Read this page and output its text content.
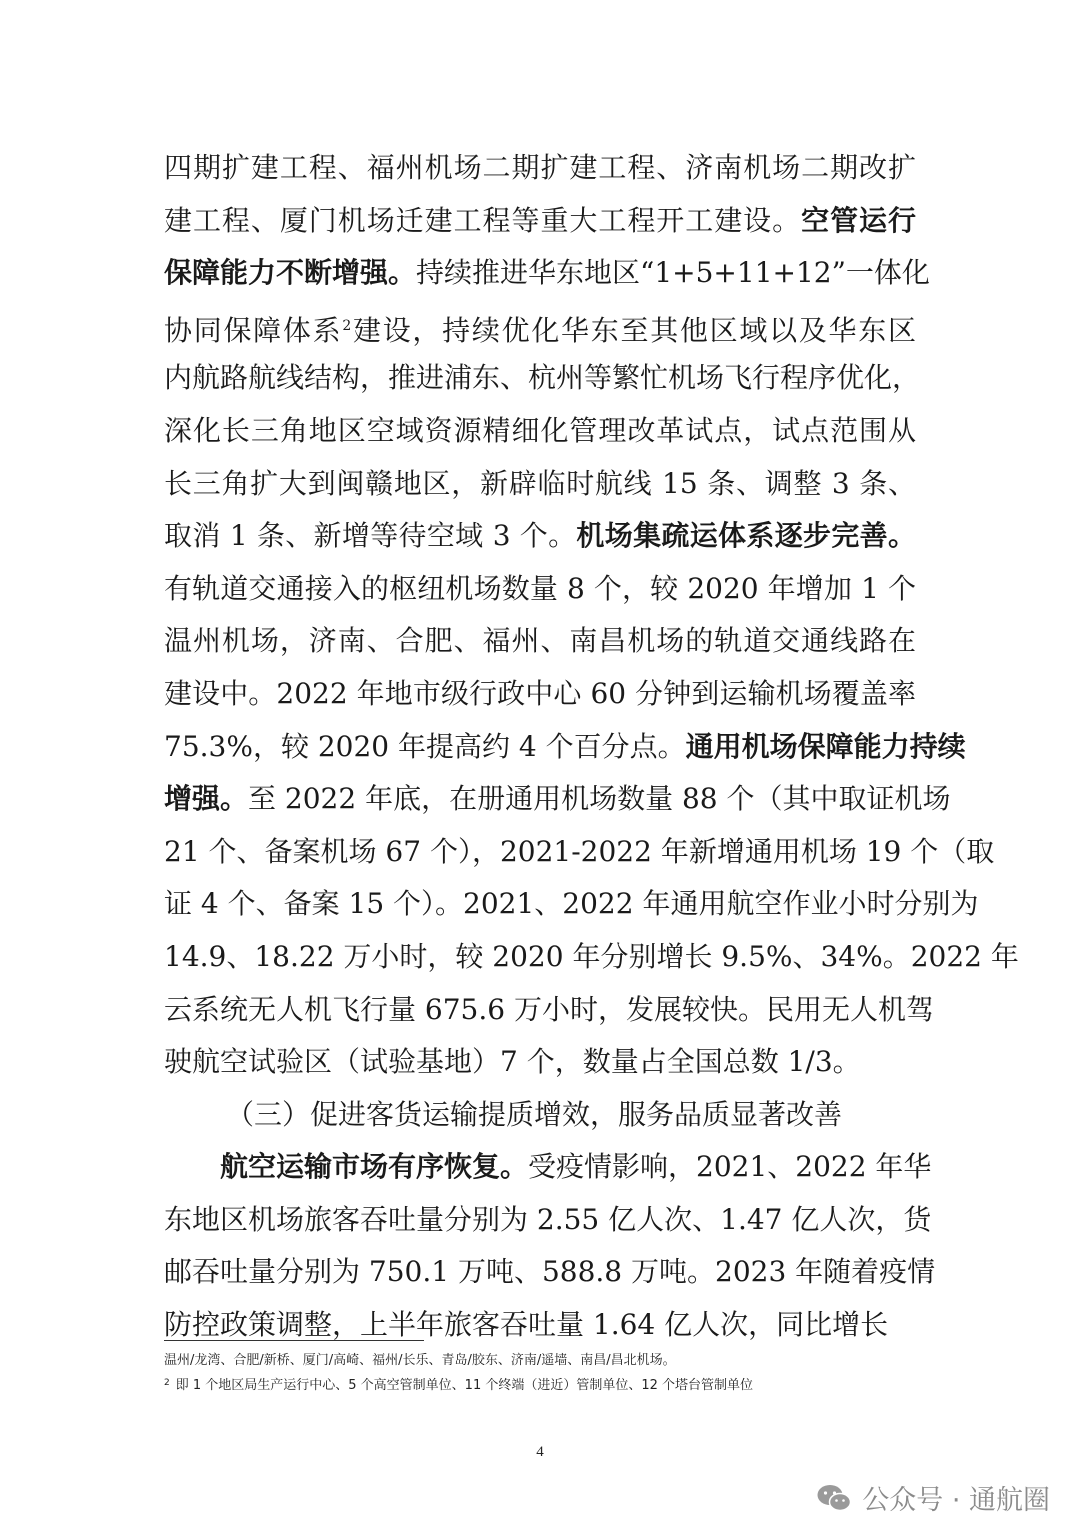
四期扩建工程、福州机场二期扩建工程、济南机场二期改扩
建工程、厦门机场迁建工程等重大工程开工建设。空管运行
保障能力不断增强。持续推进华东地区“1+5+11+12”一体化
协同保障体系$^2$建设，持续优化华东至其他区域以及华东区
内航路航线结构，推进浦东、杭州等繁忙机场飞行程序优化，
深化长三角地区空域资源精细化管理改革试点，试点范围从
长三角扩大到闽赣地区，新辟临时航线 15 条、调整 3 条、
取消 1 条、新增等待空域 3 个。机场集疏运体系逐步完善。
有轨道交通接入的枢纽机场数量 8 个，较 2020 年增加 1 个
温州机场，济南、合肥、福州、南昌机场的轨道交通线路在
建设中。2022 年地市级行政中心 60 分钟到运输机场覆盖率
75.3%，较 2020 年提高约 4 个百分点。通用机场保障能力持续
增强。至 2022 年底，在册通用机场数量 88 个（其中取证机场
21 个、备案机场 67 个），2021-2022 年新增通用机场 19 个（取
证 4 个、备案 15 个）。2021、2022 年通用航空作业小时分别为
14.9、18.22 万小时，较 2020 年分别增长 9.5%、34%。2022 年
云系统无人机飞行量 675.6 万小时，发展较快。民用无人机驾
驶航空试验区（试验基地）7 个，数量占全国总数 1/3。
（三）促进客货运输提质增效，服务品质显著改善
航空运输市场有序恢复。受疫情影响，2021、2022 年华
东地区机场旅客吞吐量分别为 2.55 亿人次、1.47 亿人次，货
邮吞吐量分别为 750.1 万吨、588.8 万吨。2023 年随着疫情
防控政策调整，上半年旅客吞吐量 1.64 亿人次，同比增长
温州/龙湾、合肥/新桥、厦门/高崎、福州/长乐、青岛/胶东、济南/遥墙、南昌/昌北机场。
$^2$ 即 1 个地区局生产运行中心、5 个高空管制单位、11 个终端（进近）管制单位、12 个塔台管制单位
4
公众号 · 通航圈
